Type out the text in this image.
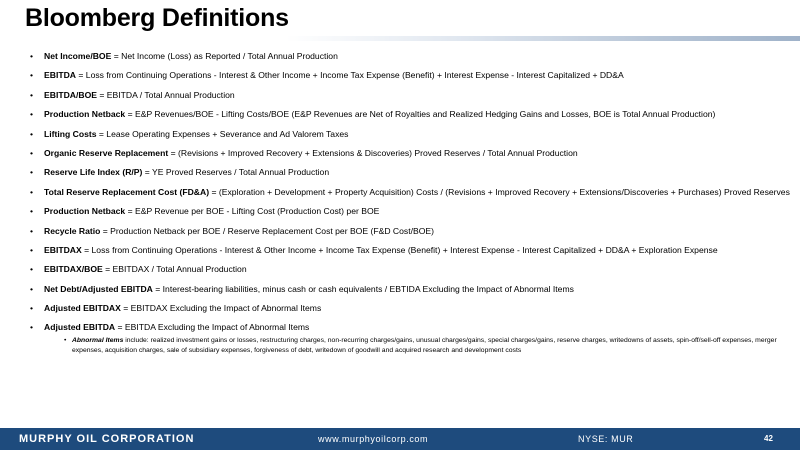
Bloomberg Definitions
• Net Income/BOE = Net Income (Loss) as Reported / Total Annual Production
• EBITDA = Loss from Continuing Operations - Interest & Other Income + Income Tax Expense (Benefit) + Interest Expense - Interest Capitalized + DD&A
• EBITDA/BOE = EBITDA / Total Annual Production
• Production Netback = E&P Revenues/BOE - Lifting Costs/BOE (E&P Revenues are Net of Royalties and Realized Hedging Gains and Losses, BOE is Total Annual Production)
• Lifting Costs = Lease Operating Expenses + Severance and Ad Valorem Taxes
• Organic Reserve Replacement = (Revisions + Improved Recovery + Extensions & Discoveries) Proved Reserves / Total Annual Production
• Reserve Life Index (R/P) = YE Proved Reserves / Total Annual Production
• Total Reserve Replacement Cost (FD&A) = (Exploration + Development + Property Acquisition) Costs / (Revisions + Improved Recovery + Extensions/Discoveries + Purchases) Proved Reserves
• Production Netback = E&P Revenue per BOE - Lifting Cost (Production Cost) per BOE
• Recycle Ratio = Production Netback per BOE / Reserve Replacement Cost per BOE (F&D Cost/BOE)
• EBITDAX = Loss from Continuing Operations - Interest & Other Income + Income Tax Expense (Benefit) + Interest Expense - Interest Capitalized + DD&A + Exploration Expense
• EBITDAX/BOE = EBITDAX / Total Annual Production
• Net Debt/Adjusted EBITDA = Interest-bearing liabilities, minus cash or cash equivalents / EBTIDA Excluding the Impact of Abnormal Items
• Adjusted EBITDAX = EBITDAX Excluding the Impact of Abnormal Items
• Adjusted EBITDA = EBITDA Excluding the Impact of Abnormal Items
• Abnormal Items include: realized investment gains or losses, restructuring charges, non-recurring charges/gains, unusual charges/gains, special charges/gains, reserve charges, writedowns of assets, spin-off/sell-off expenses, merger expenses, acquisition charges, sale of subsidiary expenses, forgiveness of debt, writedown of goodwill and acquired research and development costs
MURPHY OIL CORPORATION	www.murphyoilcorp.com	NYSE: MUR	42
